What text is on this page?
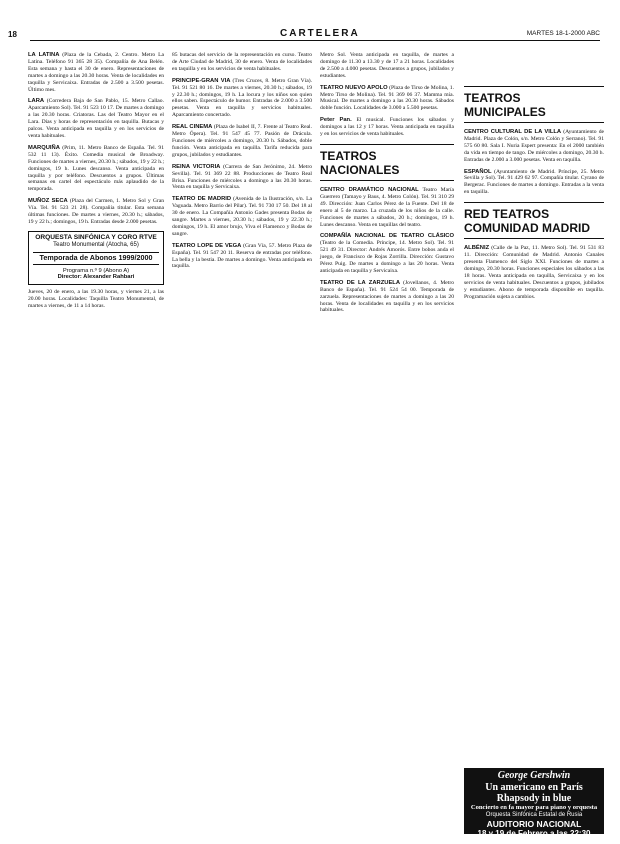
18	CARTELERA	MARTES 18-1-2000 ABC
LA LATINA (Plaza de la Cebada, 2. Centro. Metro La Latina. Teléfono 91 365 28 35). Compañía de Ana Belén. Esta semana y hasta el 30 de enero. Representaciones de martes a domingo a las 20.30 horas. Venta de localidades en taquilla y Servicaixa. Entradas de 2.500 a 3.500 pesetas. Último mes.
LARA (Corredera Baja de San Pablo, 15. Metro Callao. Aparcamiento Sol). Tel. 91 523 10 17. De martes a domingo a las 20.30 horas. Criatoras. Las del Teatro Mayor en el Lara. Días y horas de representación en taquilla. Butacas y palcos. Venta anticipada en taquilla y en los servicios de venta habituales.
MARQUIÑA (Prim, 11. Metro Banco de España. Tel. 91 532 11 13). Éxito. Comedia musical de Broadway. Funciones de martes a viernes, 20.30 h.; sábados, 19 y 22 h.; domingos, 19 h. Lunes descanso. Venta anticipada en taquilla y por teléfono. Descuentos a grupos. Últimas semanas en cartel del espectáculo más aplaudido de la temporada.
MUÑOZ SECA (Plaza del Carmen, 1. Metro Sol y Gran Vía. Tel. 91 523 21 28). Compañía titular. Esta semana últimas funciones. De martes a viernes, 20.30 h.; sábados, 19 y 22 h.; domingos, 19 h. Entradas desde 2.000 pesetas.
ORQUESTA SINFÓNICA Y CORO RTVE
Teatro Monumental (Atocha, 65)
Temporada de Abonos 1999/2000
Programa n.º 9 (Abono A)
Director: Alexander Rahbari
Jueves, 20 de enero, a las 19.30 horas, y viernes 21, a las 20.00 horas. Localidades: Taquilla Teatro Monumental, de martes a viernes, de 11 a 14 horas.
85 butacas del servicio de la representación en curso. Teatro de Arte Ciudad de Madrid, 30 de enero. Venta de localidades en taquilla y en los servicios de venta habituales.
PRINCIPE-GRAN VIA (Tres Cruces, 8. Metro Gran Vía). Tel. 91 521 80 16. De martes a viernes, 20.30 h.; sábados, 19 y 22.30 h.; domingos, 19 h. La locura y los niños son quien ellos saben. Espectáculo de humor. Entradas de 2.000 a 3.500 pesetas. Venta en taquilla y servicios habituales. Aparcamiento concertado.
REAL CINEMA (Plaza de Isabel II, 7. Frente al Teatro Real. Metro Ópera). Tel. 91 547 45 77. Pasión de Drácula. Funciones de miércoles a domingo, 20.30 h. Sábados, doble función. Venta anticipada en taquilla. Tarifa reducida para grupos, jubilados y estudiantes.
REINA VICTORIA (Carrera de San Jerónimo, 24. Metro Sevilla). Tel. 91 369 22 88. Producciones de Teatro Real Brisa. Funciones de miércoles a domingo a las 20.30 horas. Venta en taquilla y Servicaixa.
TEATRO DE MADRID (Avenida de la Ilustración, s/n. La Vaguada. Metro Barrio del Pilar). Tel. 91 730 17 50. Del 18 al 30 de enero. La Compañía Antonio Gades presenta Bodas de sangre. Martes a viernes, 20.30 h.; sábados, 19 y 22.30 h.; domingos, 19 h. El amor brujo, Viva el Flamenco y Bodas de sangre.
TEATRO LOPE DE VEGA (Gran Vía, 57. Metro Plaza de España). Tel. 91 547 20 11. Reserva de entradas por teléfono. La bella y la bestia. De martes a domingo. Venta anticipada en taquilla.
Metro Sol. Venta anticipada en taquilla, de martes a domingo de 11.30 a 13.30 y de 17 a 21 horas. Localidades de 2.500 a 4.000 pesetas. Descuentos a grupos, jubilados y estudiantes.
TEATRO NUEVO APOLO (Plaza de Tirso de Molina, 1. Metro Tirso de Molina). Tel. 91 369 06 37. Mamma mía. Musical. De martes a domingo a las 20.30 horas. Sábados doble función. Localidades de 3.000 a 5.500 pesetas.
Peter Pan. El musical. Funciones los sábados y domingos a las 12 y 17 horas. Venta anticipada en taquilla y en los servicios de venta habituales.
TEATROS NACIONALES
CENTRO DRAMÁTICO NACIONAL Teatro María Guerrero (Tamayo y Baus, 4. Metro Colón). Tel. 91 310 29 49. Dirección: Juan Carlos Pérez de la Fuente. Del 18 de enero al 5 de marzo. La cruzada de los niños de la calle. Funciones de martes a sábados, 20 h.; domingos, 19 h. Lunes descanso. Venta en taquillas del teatro.
COMPAÑÍA NACIONAL DE TEATRO CLÁSICO (Teatro de la Comedia. Príncipe, 14. Metro Sol). Tel. 91 521 49 31. Director: Andrés Amorós. Entre bobos anda el juego, de Francisco de Rojas Zorrilla. Dirección: Gustavo Pérez Puig. De martes a domingo a las 20 horas. Venta anticipada en taquilla y Servicaixa.
TEATRO DE LA ZARZUELA (Jovellanos, 4. Metro Banco de España). Tel. 91 524 54 00. Temporada de zarzuela. Representaciones de martes a domingo a las 20 horas. Venta de localidades en taquilla y en los servicios habituales.
TEATROS MUNICIPALES
CENTRO CULTURAL DE LA VILLA (Ayuntamiento de Madrid. Plaza de Colón, s/n. Metro Colón y Serrano). Tel. 91 575 60 80. Sala I. Nuria Espert presenta: En el 2000 también da vida en tiempo de tango. De miércoles a domingo, 20.30 h. Entradas de 2.000 a 3.000 pesetas. Venta en taquilla.
ESPAÑOL (Ayuntamiento de Madrid. Príncipe, 25. Metro Sevilla y Sol). Tel. 91 429 62 97. Compañía titular. Cyrano de Bergerac. Funciones de martes a domingo. Entradas a la venta en taquilla.
RED TEATROS COMUNIDAD MADRID
ALBÉNIZ (Calle de la Paz, 11. Metro Sol). Tel. 91 531 83 11. Dirección: Comunidad de Madrid. Antonio Canales presenta Flamenco del Siglo XXI. Funciones de martes a domingo, 20.30 horas. Funciones especiales los sábados a las 18 horas. Venta anticipada en taquilla, Servicaixa y en los servicios de venta habituales. Descuentos a grupos, jubilados y estudiantes. Abono de temporada disponible en taquilla. Programación sujeta a cambios.
George Gershwin
Un americano en París
Rhapsody in blue
Concierto en fa mayor para piano y orquesta
Orquesta Sinfónica Estatal de Rusia
AUDITORIO NACIONAL
18 y 19 de Febrero a las 22:30
